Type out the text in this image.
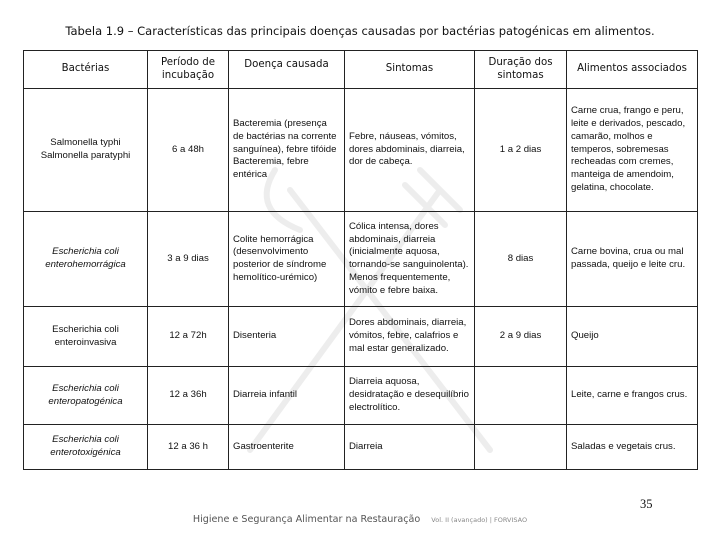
Tabela 1.9 – Características das principais doenças causadas por bactérias patogénicas em alimentos.
Bactérias	Período de incubação	Doença causada	Sintomas	Duração dos sintomas	Alimentos associados
Salmonella typhi Salmonella paratyphi	6 a 48h	Bacteremia (presença de bactérias na corrente sanguínea), febre tifóide Bacteremia, febre entérica	Febre, náuseas, vómitos, dores abdominais, diarreia, dor de cabeça.	1 a 2 dias	Carne crua, frango e peru, leite e derivados, pescado, camarão, molhos e temperos, sobremesas recheadas com cremes, manteiga de amendoim, gelatina, chocolate.
Escherichia coli enterohemorrágica	3 a 9 dias	Colite hemorrágica (desenvolvimento posterior de síndrome hemolítico-urémico)	Cólica intensa, dores abdominais, diarreia (inicialmente aquosa, tornando-se sanguinolenta). Menos frequentemente, vómito e febre baixa.	8 dias	Carne bovina, crua ou mal passada, queijo e leite cru.
Escherichia coli enteroinvasiva	12 a 72h	Disenteria	Dores abdominais, diarreia, vómitos, febre, calafrios e mal estar generalizado.	2 a 9 dias	Queijo
Escherichia coli enteropatogénica	12 a 36h	Diarreia infantil	Diarreia aquosa, desidratação e desequilíbrio electrolítico.		Leite, carne e frangos crus.
Escherichia coli enterotoxigénica	12 a 36 h	Gastroenterite	Diarreia		Saladas e vegetais crus.
35
Higiene e Segurança Alimentar na Restauração Vol. II (avançado) | FORVISAO
